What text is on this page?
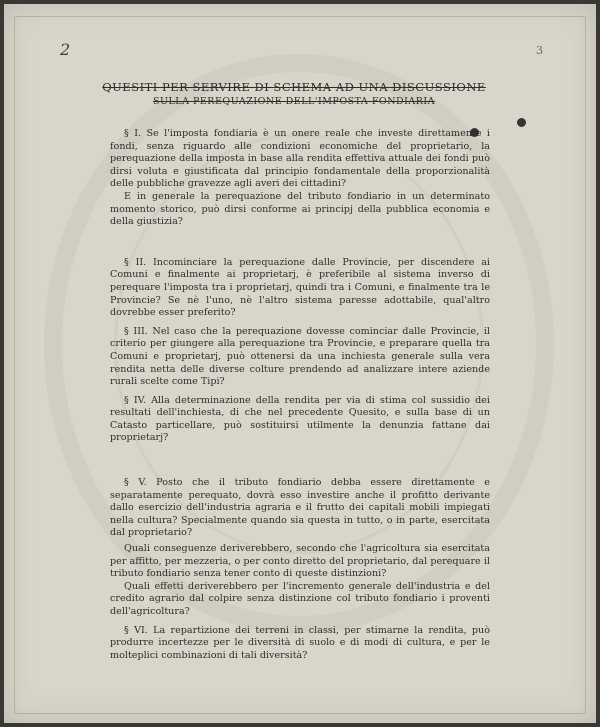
2	3
QUESITI PER SERVIRE DI SCHEMA AD UNA DISCUSSIONE
SULLA PEREQUAZIONE DELL'IMPOSTA FONDIARIA

§ I. Se l'imposta fondiaria è un onere reale che investe direttamente i fondi, senza riguardo alle condizioni economiche del proprietario, la perequazione della imposta in base alla rendita effettiva attuale dei fondi può dirsi voluta e giustificata dal principio fondamentale della proporzionalità delle pubbliche gravezze agli averi dei cittadini?

E in generale la perequazione del tributo fondiario in un determinato momento storico, può dirsi conforme ai principj della pubblica economia e della giustizia?

§ II. Incominciare la perequazione dalle Provincie, per discendere ai Comuni e finalmente ai proprietarj, è preferibile al sistema inverso di perequare l'imposta tra i proprietarj, quindi tra i Comuni, e finalmente tra le Provincie? Se nè l'uno, nè l'altro sistema paresse adottabile, qual'altro dovrebbe esser preferito?

§ III. Nel caso che la perequazione dovesse cominciar dalle Provincie, il criterio per giungere alla perequazione tra Provincie, e preparare quella tra Comuni e proprietarj, può ottenersi da una inchiesta generale sulla vera rendita netta delle diverse colture prendendo ad analizzare intere aziende rurali scelte come Tipi?

§ IV. Alla determinazione della rendita per via di stima col sussidio dei resultati dell'inchiesta, di che nel precedente Quesito, e sulla base di un Catasto particellare, può sostituirsi utilmente la denunzia fattane dai proprietarj?

§ V. Posto che il tributo fondiario debba essere direttamente e separatamente perequato, dovrà esso investire anche il profitto derivante dallo esercizio dell'industria agraria e il frutto dei capitali mobili impiegati nella cultura? Specialmente quando sia questa in tutto, o in parte, esercitata dal proprietario?

Quali conseguenze deriverebbero, secondo che l'agricoltura sia esercitata per affitto, per mezzeria, o per conto diretto del proprietario, dal perequare il tributo fondiario senza tener conto di queste distinzioni?

Quali effetti deriverebbero per l'incremento generale dell'industria e del credito agrario dal colpire senza distinzione col tributo fondiario i proventi dell'agricoltura?

§ VI. La repartizione dei terreni in classi, per stimarne la rendita, può produrre incertezze per le diversità di suolo e di modi di cultura, e per le molteplici combinazioni di tali diversità?
